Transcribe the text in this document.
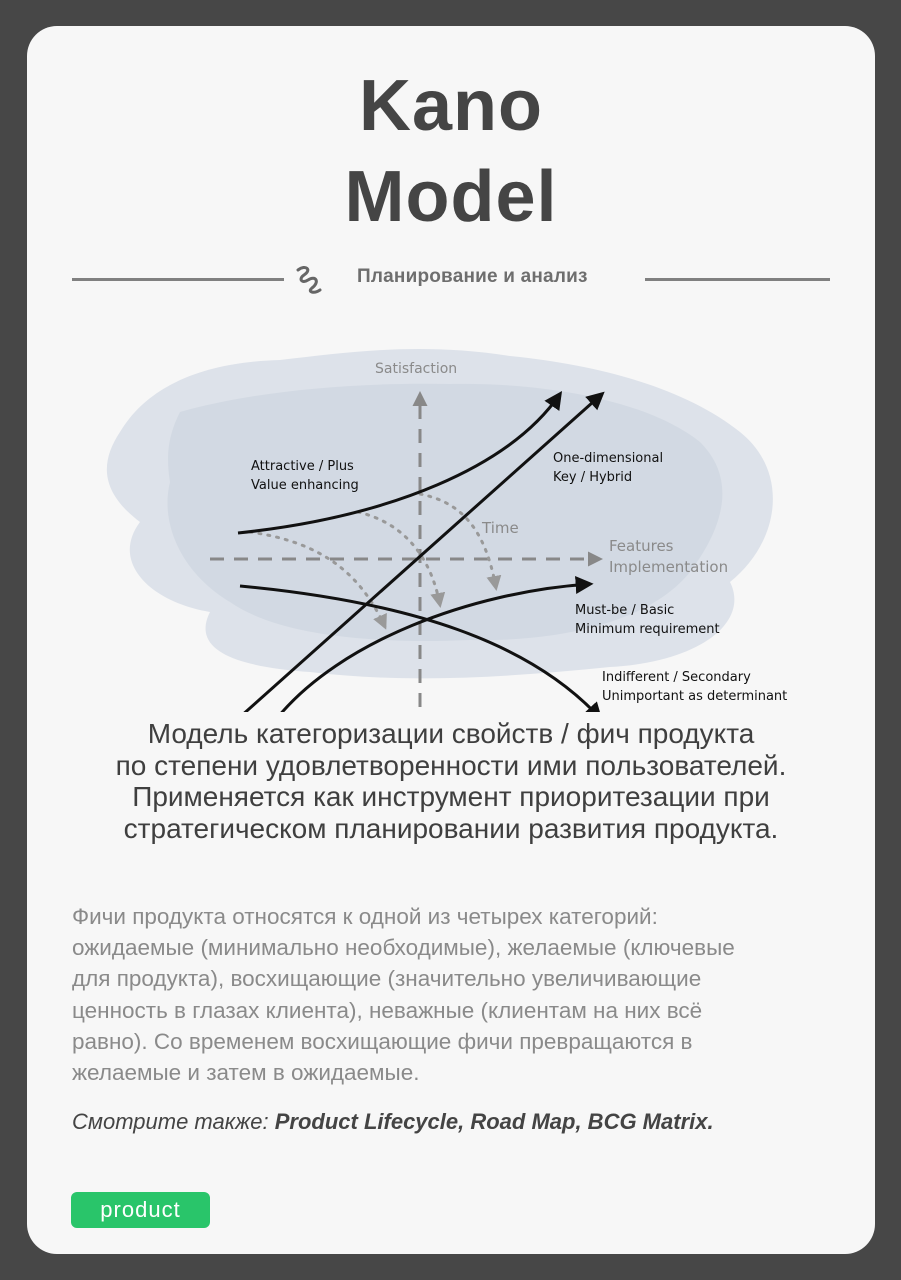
Kano
Model
Планирование и анализ
Satisfaction
Features
Implementation
Time
Attractive / Plus
Value enhancing
One-dimensional
Key / Hybrid
Must-be / Basic
Minimum requirement
Indifferent / Secondary
Unimportant as determinant
Модель категоризации свойств / фич продукта
по степени удовлетворенности ими пользователей.
Применяется как инструмент приоритезации при
стратегическом планировании развития продукта.
Фичи продукта относятся к одной из четырех категорий:
ожидаемые (минимально необходимые), желаемые (ключевые
для продукта), восхищающие (значительно увеличивающие
ценность в глазах клиента), неважные (клиентам на них всё
равно). Со временем восхищающие фичи превращаются в
желаемые и затем в ожидаемые.
Смотрите также: Product Lifecycle, Road Map, BCG Matrix.
product
